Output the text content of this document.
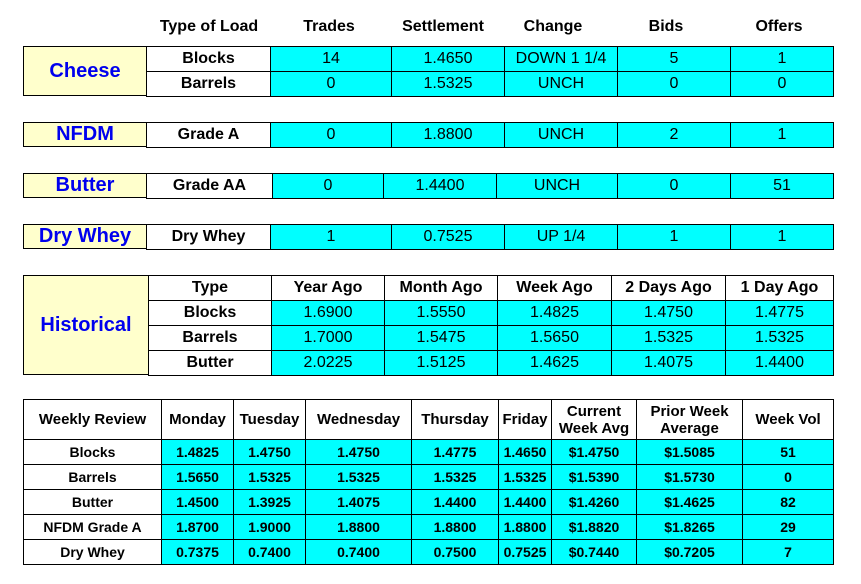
Type of Load	Trades	Settlement	Change	Bids	Offers
Cheese
Blocks	14	1.4650	DOWN 1 1/4	5	1
Barrels	0	1.5325	UNCH	0	0
NFDM	Grade A	0	1.8800	UNCH	2	1
Butter	Grade AA	0	1.4400	UNCH	0	51
Dry Whey	Dry Whey	1	0.7525	UP 1/4	1	1
Historical
Type	Year Ago	Month Ago	Week Ago	2 Days Ago	1 Day Ago
Blocks	1.6900	1.5550	1.4825	1.4750	1.4775
Barrels	1.7000	1.5475	1.5650	1.5325	1.5325
Butter	2.0225	1.5125	1.4625	1.4075	1.4400
Weekly Review	Monday	Tuesday	Wednesday	Thursday	Friday	Current Week Avg	Prior Week Average	Week Vol
Blocks	1.4825	1.4750	1.4750	1.4775	1.4650	$1.4750	$1.5085	51
Barrels	1.5650	1.5325	1.5325	1.5325	1.5325	$1.5390	$1.5730	0
Butter	1.4500	1.3925	1.4075	1.4400	1.4400	$1.4260	$1.4625	82
NFDM Grade A	1.8700	1.9000	1.8800	1.8800	1.8800	$1.8820	$1.8265	29
Dry Whey	0.7375	0.7400	0.7400	0.7500	0.7525	$0.7440	$0.7205	7
